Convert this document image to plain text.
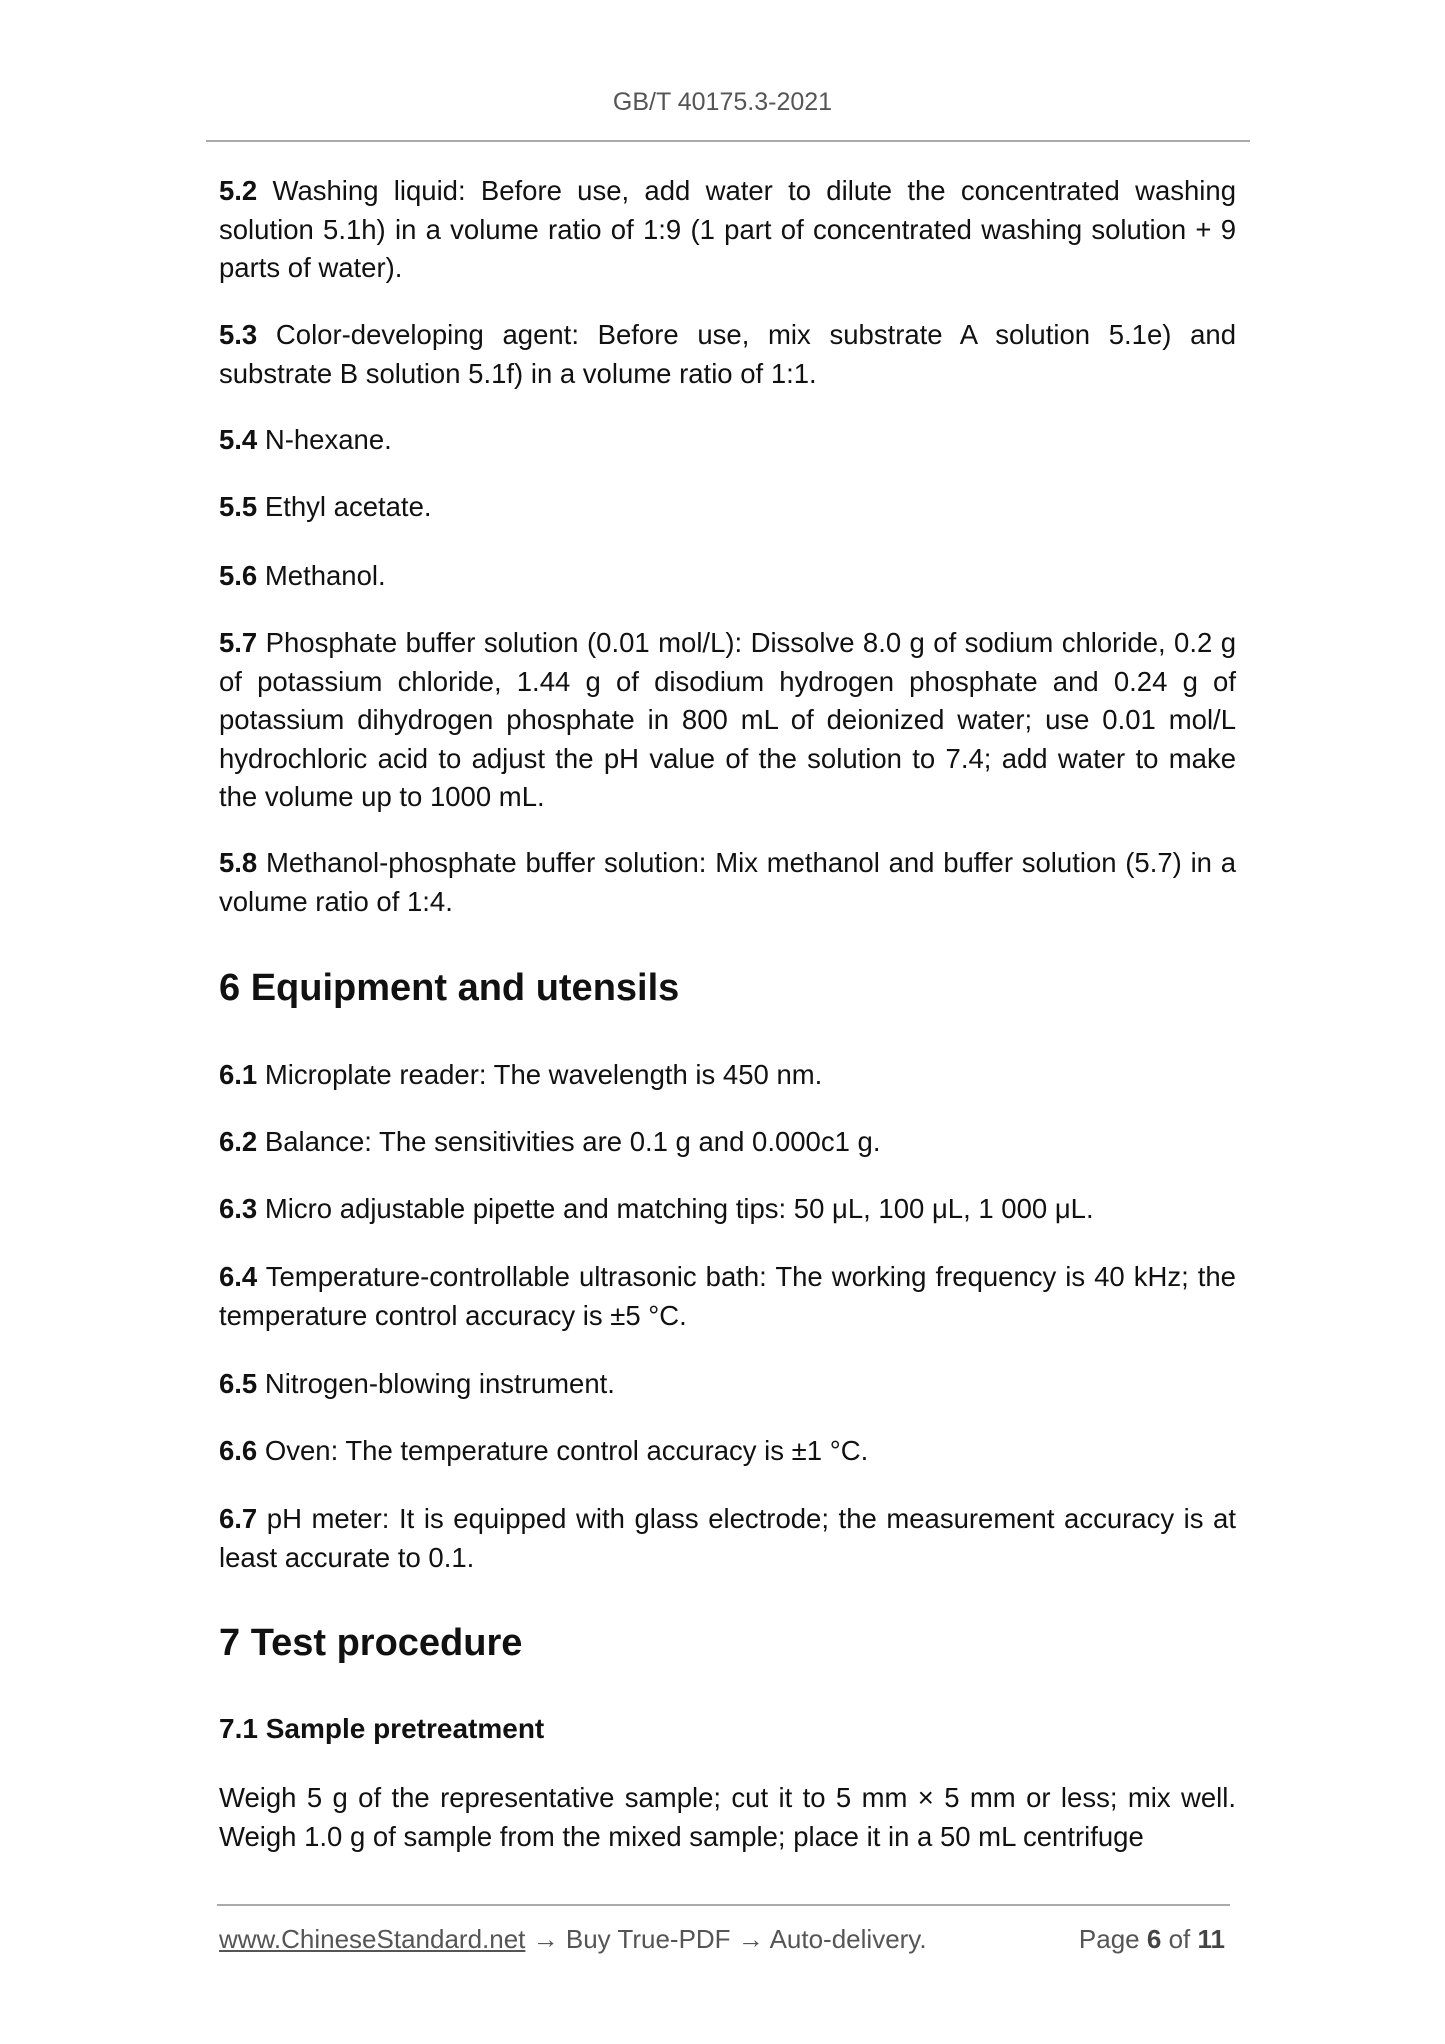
GB/T 40175.3-2021
5.2 Washing liquid: Before use, add water to dilute the concentrated washing solution 5.1h) in a volume ratio of 1:9 (1 part of concentrated washing solution + 9 parts of water).
5.3 Color-developing agent: Before use, mix substrate A solution 5.1e) and substrate B solution 5.1f) in a volume ratio of 1:1.
5.4 N-hexane.
5.5 Ethyl acetate.
5.6 Methanol.
5.7 Phosphate buffer solution (0.01 mol/L): Dissolve 8.0 g of sodium chloride, 0.2 g of potassium chloride, 1.44 g of disodium hydrogen phosphate and 0.24 g of potassium dihydrogen phosphate in 800 mL of deionized water; use 0.01 mol/L hydrochloric acid to adjust the pH value of the solution to 7.4; add water to make the volume up to 1000 mL.
5.8 Methanol-phosphate buffer solution: Mix methanol and buffer solution (5.7) in a volume ratio of 1:4.
6 Equipment and utensils
6.1 Microplate reader: The wavelength is 450 nm.
6.2 Balance: The sensitivities are 0.1 g and 0.000c1 g.
6.3 Micro adjustable pipette and matching tips: 50 μL, 100 μL, 1 000 μL.
6.4 Temperature-controllable ultrasonic bath: The working frequency is 40 kHz; the temperature control accuracy is ±5 °C.
6.5 Nitrogen-blowing instrument.
6.6 Oven: The temperature control accuracy is ±1 °C.
6.7 pH meter: It is equipped with glass electrode; the measurement accuracy is at least accurate to 0.1.
7 Test procedure
7.1 Sample pretreatment
Weigh 5 g of the representative sample; cut it to 5 mm × 5 mm or less; mix well. Weigh 1.0 g of sample from the mixed sample; place it in a 50 mL centrifuge
www.ChineseStandard.net → Buy True-PDF → Auto-delivery.	Page 6 of 11
